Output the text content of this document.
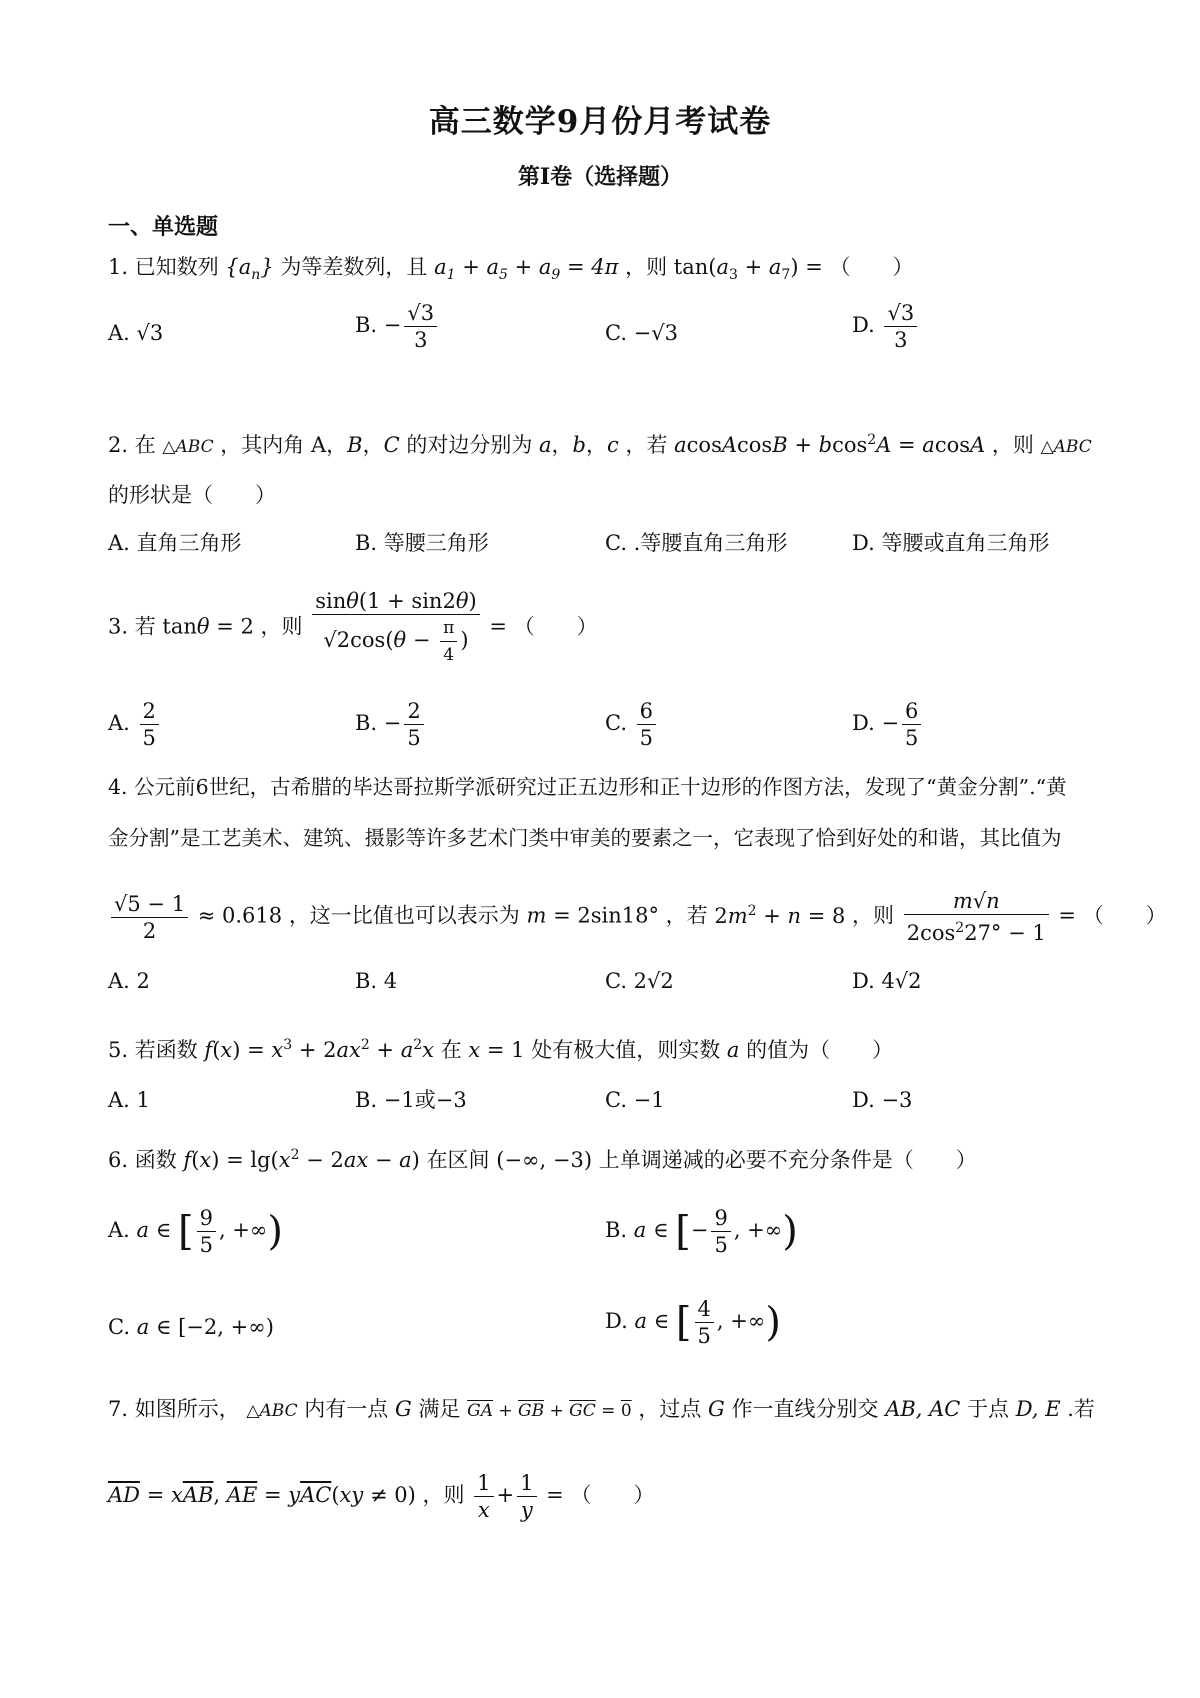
高三数学9月份月考试卷
第Ⅰ卷（选择题）
一、单选题
1. 已知数列 $\{a_n\}$ 为等差数列，且 $a_1 + a_5 + a_9 = 4\pi$ ，则 $\tan(a_3 + a_7)$ = （　　）
A. √3	B. − $\frac{√3}{3}$	C. −√3	D. $\frac{√3}{3}$
2. 在 △ABC ，其内角 A，B，C 的对边分别为 a，b，c ，若 acosAcosB + bcos$^2$A = acosA ，则 △ABC
的形状是（　　）
A. 直角三角形	B. 等腰三角形	C. .等腰直角三角形	D. 等腰或直角三角形
3. 若 tanθ = 2 ，则 $\frac{\sin\theta(1 + \sin 2\theta)}{√2\cos(\theta - \frac{\pi}{4} )}$ = （　　）
A. $\frac{2}{5}$	B. − $\frac{2}{5}$	C. $\frac{6}{5}$	D. − $\frac{6}{5}$
4. 公元前6世纪，古希腊的毕达哥拉斯学派研究过正五边形和正十边形的作图方法，发现了“黄金分割”.“黄
金分割”是工艺美术、建筑、摄影等许多艺术门类中审美的要素之一，它表现了恰到好处的和谐，其比值为
$\frac{√5 - 1}{2} \approx 0.618$ ，这一比值也可以表示为 m = 2sin18° ，若 $2m^2 + n = 8$ ，则 $\frac{m√n}{2\cos^227^\circ - 1}$ = （　　）
A. 2	B. 4	C. 2√2	D. 4√2
5. 若函数 $f(x) = x^3 + 2ax^2 + a^2x$ 在 x = 1 处有极大值，则实数 a 的值为（　　）
A. 1	B. −1或−3	C. −1	D. −3
6. 函数 $f(x) = \lg(x^2 - 2ax - a)$ 在区间 (−∞, −3) 上单调递减的必要不充分条件是（　　）
A. a ∈ [ $\frac{9}{5}$ , +∞)	B. a ∈ [− $\frac{9}{5}$ , +∞)
C. a ∈ [−2, +∞)	D. a ∈ [ $\frac{4}{5}$ , +∞)
7. 如图所示， △ABC 内有一点 G 满足 $\overline{GA} + \overline{GB} + \overline{GC} = 0$ ，过点 G 作一直线分别交 AB, AC 于点 D, E .若
$\overline{AD} = x\overline{AB}$, $\overline{AE} = y\overline{AC}(xy \ne 0)$ ，则 $\frac{1}{x} + \frac{1}{y}$ = （　　）
